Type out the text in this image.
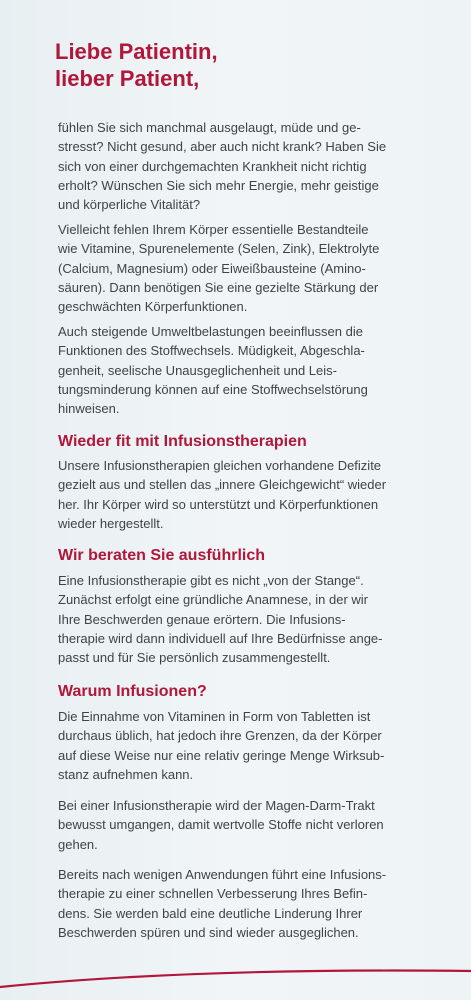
Liebe Patientin,
lieber Patient,

fühlen Sie sich manchmal ausgelaugt, müde und ge-
stresst? Nicht gesund, aber auch nicht krank? Haben Sie
sich von einer durchgemachten Krankheit nicht richtig
erholt? Wünschen Sie sich mehr Energie, mehr geistige
und körperliche Vitalität?

Vielleicht fehlen Ihrem Körper essentielle Bestandteile
wie Vitamine, Spurenelemente (Selen, Zink), Elektrolyte
(Calcium, Magnesium) oder Eiweißbausteine (Amino-
säuren). Dann benötigen Sie eine gezielte Stärkung der
geschwächten Körperfunktionen.

Auch steigende Umweltbelastungen beeinflussen die
Funktionen des Stoffwechsels. Müdigkeit, Abgeschla-
genheit, seelische Unausgeglichenheit und Leis-
tungsminderung können auf eine Stoffwechselstörung
hinweisen.

Wieder fit mit Infusionstherapien

Unsere Infusionstherapien gleichen vorhandene Defizite
gezielt aus und stellen das „innere Gleichgewicht“ wieder
her. Ihr Körper wird so unterstützt und Körperfunktionen
wieder hergestellt.

Wir beraten Sie ausführlich

Eine Infusionstherapie gibt es nicht „von der Stange“.
Zunächst erfolgt eine gründliche Anamnese, in der wir
Ihre Beschwerden genaue erörtern. Die Infusions-
therapie wird dann individuell auf Ihre Bedürfnisse ange-
passt und für Sie persönlich zusammengestellt.

Warum Infusionen?

Die Einnahme von Vitaminen in Form von Tabletten ist
durchaus üblich, hat jedoch ihre Grenzen, da der Körper
auf diese Weise nur eine relativ geringe Menge Wirksub-
stanz aufnehmen kann.

Bei einer Infusionstherapie wird der Magen-Darm-Trakt
bewusst umgangen, damit wertvolle Stoffe nicht verloren
gehen.

Bereits nach wenigen Anwendungen führt eine Infusions-
therapie zu einer schnellen Verbesserung Ihres Befin-
dens. Sie werden bald eine deutliche Linderung Ihrer
Beschwerden spüren und sind wieder ausgeglichen.
